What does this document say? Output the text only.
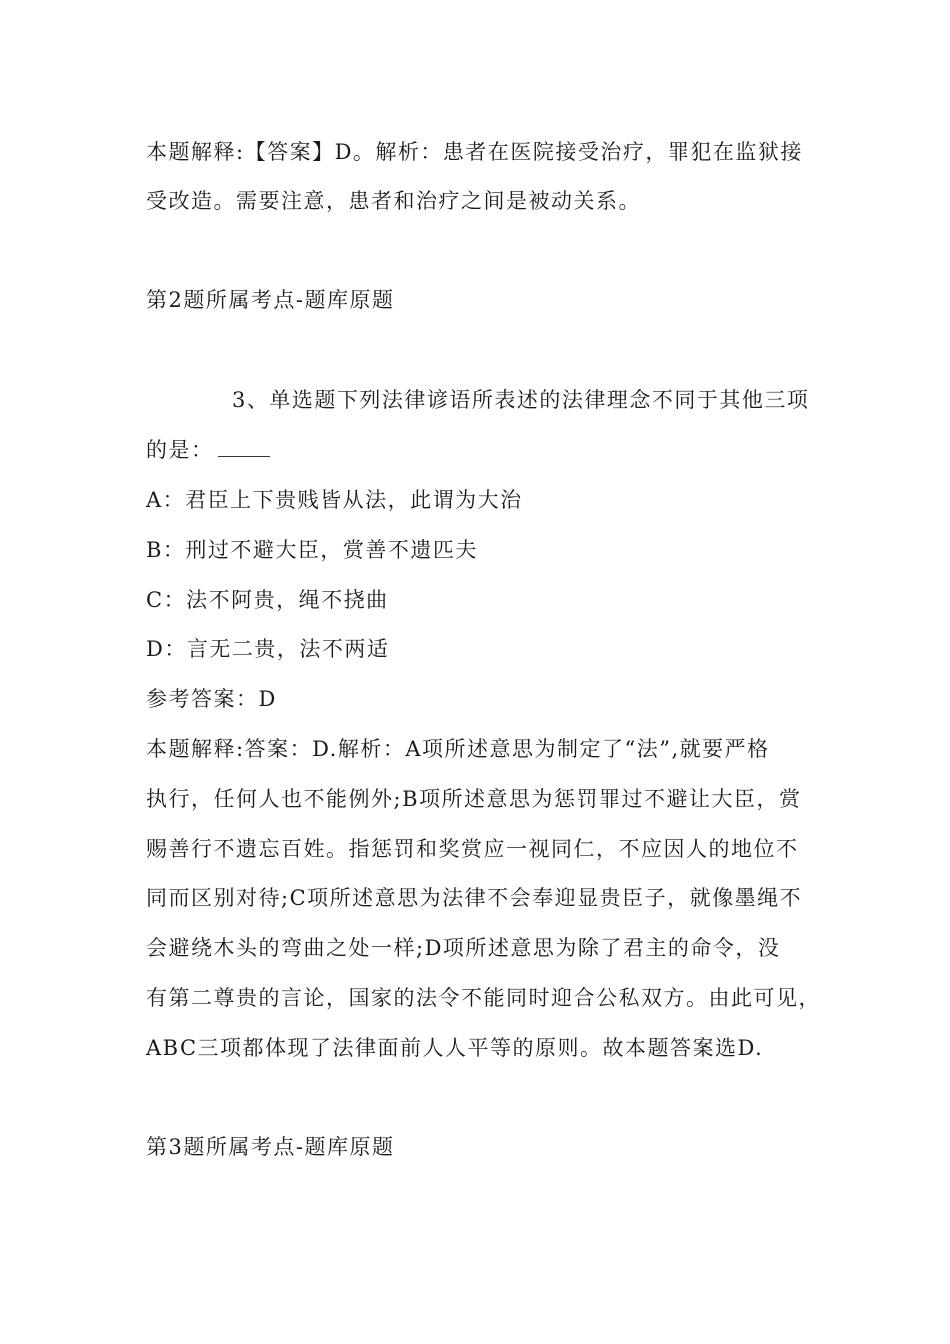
本题解释:【答案】D。解析：患者在医院接受治疗，罪犯在监狱接
受改造。需要注意，患者和治疗之间是被动关系。
第2题所属考点-题库原题
3、单选题下列法律谚语所表述的法律理念不同于其他三项
的是：
A：君臣上下贵贱皆从法，此谓为大治
B：刑过不避大臣，赏善不遗匹夫
C：法不阿贵，绳不挠曲
D：言无二贵，法不两适
参考答案：D
本题解释:答案：D.解析：A项所述意思为制定了“法”,就要严格
执行，任何人也不能例外;B项所述意思为惩罚罪过不避让大臣，赏
赐善行不遗忘百姓。指惩罚和奖赏应一视同仁，不应因人的地位不
同而区别对待;C项所述意思为法律不会奉迎显贵臣子，就像墨绳不
会避绕木头的弯曲之处一样;D项所述意思为除了君主的命令，没
有第二尊贵的言论，国家的法令不能同时迎合公私双方。由此可见，
ABC三项都体现了法律面前人人平等的原则。故本题答案选D.
第3题所属考点-题库原题
